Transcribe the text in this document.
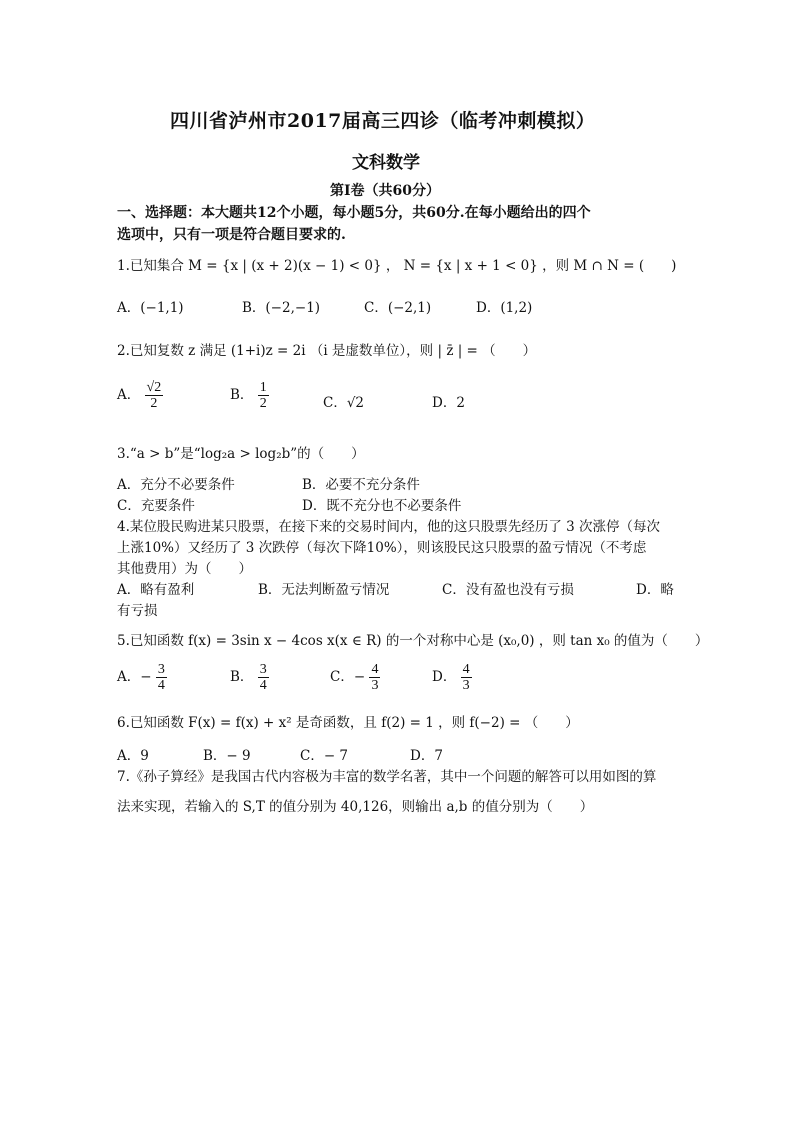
四川省泸州市2017届高三四诊（临考冲刺模拟）
文科数学
第Ⅰ卷（共60分）
一、选择题：本大题共12个小题，每小题5分，共60分.在每小题给出的四个
选项中，只有一项是符合题目要求的.
1.已知集合 M = {x | (x + 2)(x − 1) < 0} ， N = {x | x + 1 < 0} ，则 M ∩ N = (　　)
A．(−1,1)	B．(−2,−1)	C．(−2,1)	D．(1,2)
2.已知复数 z 满足 (1+i)z = 2i （i 是虚数单位），则 | z̄ | = （　　）
A． $\frac{√2}{2}$	B． $\frac{1}{2}$	C．√2	D．2
3.“a > b”是“log₂a > log₂b”的（　　）
A．充分不必要条件	B．必要不充分条件
C．充要条件	D．既不充分也不必要条件
4.某位股民购进某只股票，在接下来的交易时间内，他的这只股票先经历了 3 次涨停（每次
上涨10%）又经历了 3 次跌停（每次下降10%），则该股民这只股票的盈亏情况（不考虑
其他费用）为（　　）
A．略有盈利	B．无法判断盈亏情况	C．没有盈也没有亏损	D．略
有亏损
5.已知函数 f(x) = 3sin x − 4cos x(x ∈ R) 的一个对称中心是 (x₀,0) ，则 tan x₀ 的值为（　　）
A．− $\frac{3}{4}$	B． $\frac{3}{4}$	C．− $\frac{4}{3}$	D． $\frac{4}{3}$
6.已知函数 F(x) = f(x) + x² 是奇函数，且 f(2) = 1 ，则 f(−2) = （　　）
A．9	B．− 9	C．− 7	D．7
7.《孙子算经》是我国古代内容极为丰富的数学名著，其中一个问题的解答可以用如图的算
法来实现，若输入的 S,T 的值分别为 40,126，则输出 a,b 的值分别为（　　）
